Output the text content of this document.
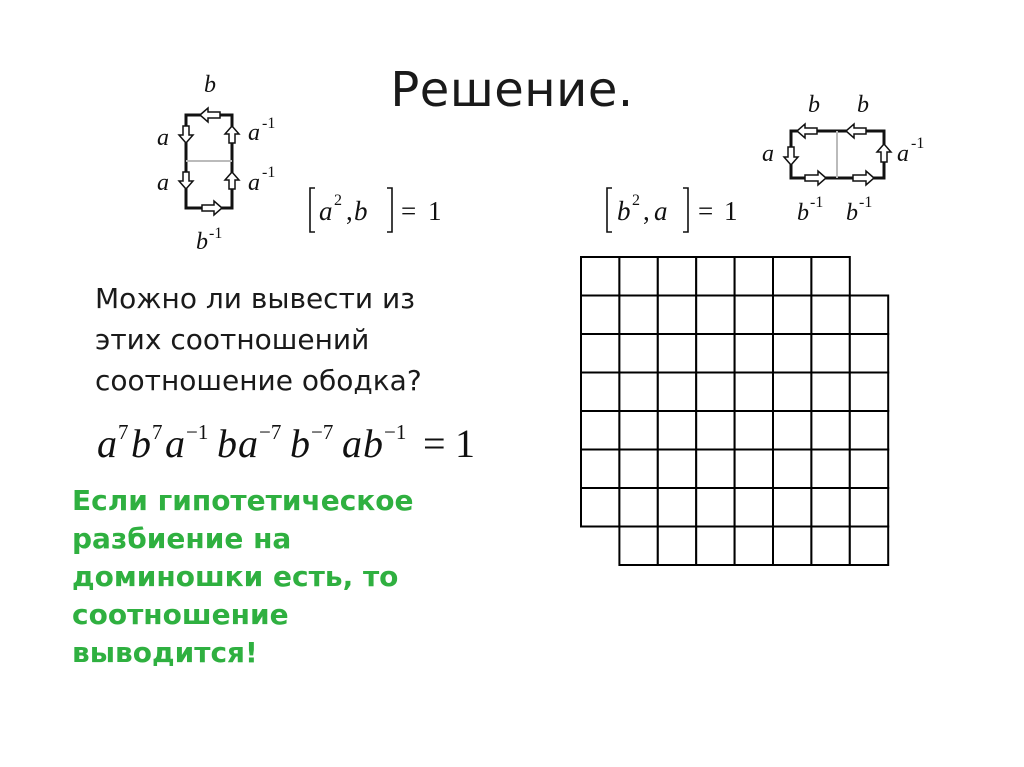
Решение.
b
a
a
a -1
a -1
b -1
b b
a	a -1
b -1 b -1
a 2 , b = 1	b 2 , a = 1
Можно ли вывести из этих соотношений соотношение ободка?
a 7 b 7 a −1 b a −7 b −7 a b −1 = 1
Если гипотетическое разбиение на доминошки есть, то соотношение выводится!
